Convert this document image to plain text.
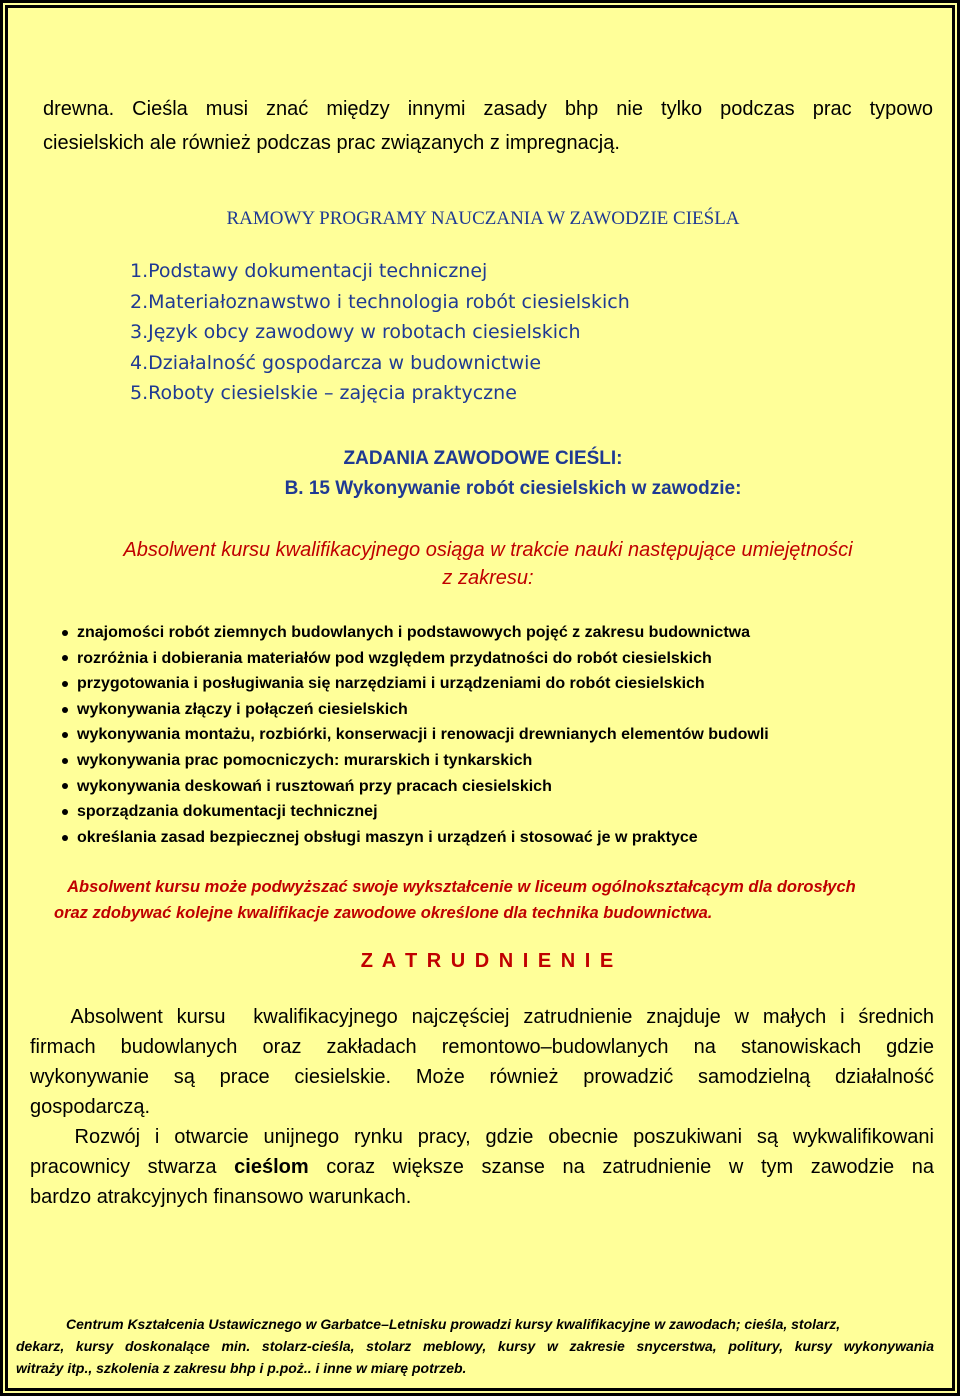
drewna. Cieśla musi znać między innymi zasady bhp nie tylko podczas prac typowo
ciesielskich ale również podczas prac związanych z impregnacją.
RAMOWY PROGRAMY NAUCZANIA W ZAWODZIE CIEŚLA
1.Podstawy dokumentacji technicznej
2.Materiałoznawstwo i technologia robót ciesielskich
3.Język obcy zawodowy w robotach ciesielskich
4.Działalność gospodarcza w budownictwie
5.Roboty ciesielskie – zajęcia praktyczne
ZADANIA ZAWODOWE CIEŚLI:
B. 15 Wykonywanie robót ciesielskich w zawodzie:
Absolwent kursu kwalifikacyjnego osiąga w trakcie nauki następujące umiejętności
z zakresu:
znajomości robót ziemnych budowlanych i podstawowych pojęć z zakresu budownictwa
rozróżnia i dobierania materiałów pod względem przydatności do robót ciesielskich
przygotowania i posługiwania się narzędziami i urządzeniami do robót ciesielskich
wykonywania złączy i połączeń ciesielskich
wykonywania montażu, rozbiórki, konserwacji i renowacji drewnianych elementów budowli
wykonywania prac pomocniczych: murarskich i tynkarskich
wykonywania deskowań i rusztowań przy pracach ciesielskich
sporządzania dokumentacji technicznej
określania zasad bezpiecznej obsługi maszyn i urządzeń i stosować je w praktyce
Absolwent kursu może podwyższać swoje wykształcenie w liceum ogólnokształcącym dla dorosłych
oraz zdobywać kolejne kwalifikacje zawodowe określone dla technika budownictwa.
Z A T R U D N I E N I E
Absolwent kursu  kwalifikacyjnego najczęściej zatrudnienie znajduje w małych i średnich
firmach budowlanych oraz zakładach remontowo–budowlanych na stanowiskach gdzie
wykonywanie są prace ciesielskie. Może również prowadzić samodzielną działalność
gospodarczą.
Rozwój i otwarcie unijnego rynku pracy, gdzie obecnie poszukiwani są wykwalifikowani
pracownicy stwarza cieślom coraz większe szanse na zatrudnienie w tym zawodzie na
bardzo atrakcyjnych finansowo warunkach.
Centrum Kształcenia Ustawicznego w Garbatce–Letnisku prowadzi kursy kwalifikacyjne w zawodach; cieśla, stolarz,
dekarz, kursy doskonalące min. stolarz-cieśla, stolarz meblowy, kursy w zakresie snycerstwa, politury, kursy wykonywania
witraży itp., szkolenia z zakresu bhp i p.poż.. i inne w miarę potrzeb.
